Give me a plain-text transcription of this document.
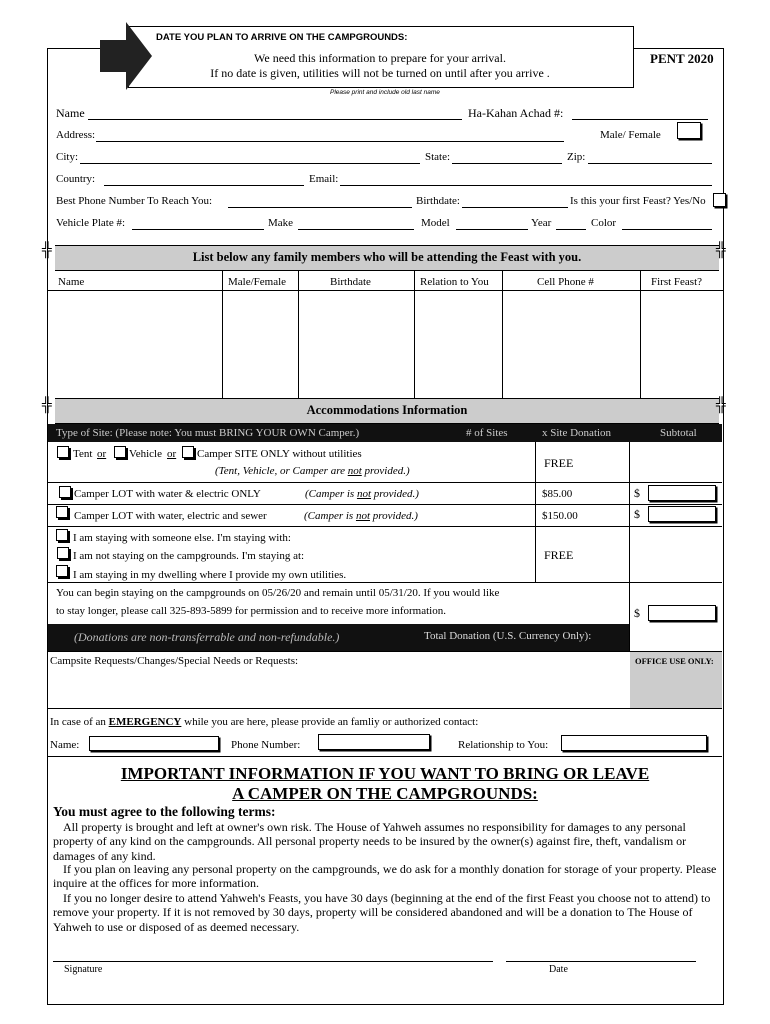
DATE YOU PLAN TO ARRIVE ON THE CAMPGROUNDS:
We need this information to prepare for your arrival.
If no date is given, utilities will not be turned on until after you arrive .
PENT 2020
Please print and include old last name
Name	Ha-Kahan Achad #:
Address:	Male/ Female
City:	State:	Zip:
Country:	Email:
Best Phone Number To Reach You:	Birthdate:	Is this your first Feast? Yes/No
Vehicle Plate #:	Make	Model	Year	Color
List below any family members who will be attending the Feast with you.
╬	╬
Name	Male/Female	Birthdate	Relation to You	Cell Phone #	First Feast?
Accommodations Information
╬	╬
Type of Site: (Please note: You must BRING YOUR OWN Camper.)	# of Sites	x Site Donation	Subtotal
Tent or Vehicle or Camper SITE ONLY without utilities
(Tent, Vehicle, or Camper are not provided.)
FREE
Camper LOT with water & electric ONLY	(Camper is not provided.)	$85.00	$
Camper LOT with water, electric and sewer	(Camper is not provided.)	$150.00	$
I am staying with someone else. I'm staying with:
I am not staying on the campgrounds. I'm staying at:
I am staying in my dwelling where I provide my own utilities.
FREE
You can begin staying on the campgrounds on 05/26/20 and remain until 05/31/20. If you would like
to stay longer, please call 325-893-5899 for permission and to receive more information.	$
(Donations are non-transferrable and non-refundable.)	Total Donation (U.S. Currency Only):
Campsite Requests/Changes/Special Needs or Requests:	OFFICE USE ONLY:
In case of an EMERGENCY while you are here, please provide an famliy or authorized contact:
Name:	Phone Number:	Relationship to You:
IMPORTANT INFORMATION IF YOU WANT TO BRING OR LEAVE
A CAMPER ON THE CAMPGROUNDS:
You must agree to the following terms:
All property is brought and left at owner's own risk. The House of Yahweh assumes no responsibility for damages to any personal property of any kind on the campgrounds. All personal property needs to be insured by the owner(s) against fire, theft, vandalism or damages of any kind.
If you plan on leaving any personal property on the campgrounds, we do ask for a monthly donation for storage of your property. Please inquire at the offices for more information.
If you no longer desire to attend Yahweh's Feasts, you have 30 days (beginning at the end of the first Feast you choose not to attend) to remove your property. If it is not removed by 30 days, property will be considered abandoned and will be a donation to The House of Yahweh to use or disposed of as deemed necessary.
Signature	Date
